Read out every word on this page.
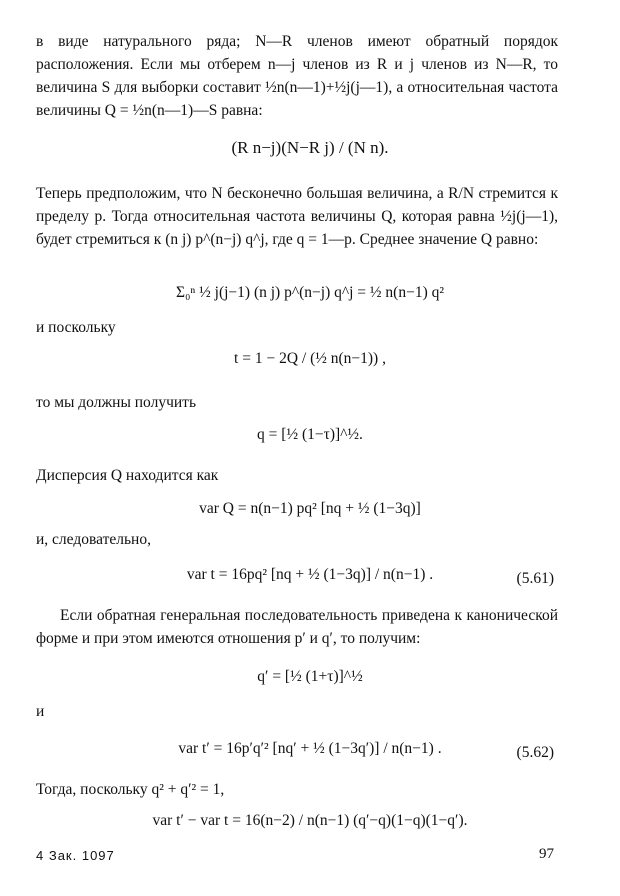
в виде натурального ряда; N—R членов имеют обратный порядок расположения. Если мы отберем n—j членов из R и j членов из N—R, то величина S для выборки составит ½n(n—1)+½j(j—1), а относительная частота величины Q = ½n(n—1)—S равна:
(R n−j)(N−R j) / (N n).
Теперь предположим, что N бесконечно большая величина, а R/N стремится к пределу p. Тогда относительная частота величины Q, которая равна ½j(j—1), будет стремиться к (n j) p^(n−j) q^j, где q = 1—p. Среднее значение Q равно:
Σ₀ⁿ ½ j(j−1) (n j) p^(n−j) q^j = ½ n(n−1) q²
и поскольку
t = 1 − 2Q / (½ n(n−1)) ,
то мы должны получить
q = [½ (1−τ)]^½.
Дисперсия Q находится как
var Q = n(n−1) pq² [nq + ½ (1−3q)]
и, следовательно,
var t = 16pq² [nq + ½ (1−3q)] / n(n−1) .	(5.61)
Если обратная генеральная последовательность приведена к канонической форме и при этом имеются отношения p′ и q′, то получим:
q′ = [½ (1+τ)]^½
и
var t′ = 16p′q′² [nq′ + ½ (1−3q′)] / n(n−1) .	(5.62)
Тогда, поскольку q² + q′² = 1,
var t′ − var t = 16(n−2) / n(n−1) (q′−q)(1−q)(1−q′).
4 Зак. 1097	97
